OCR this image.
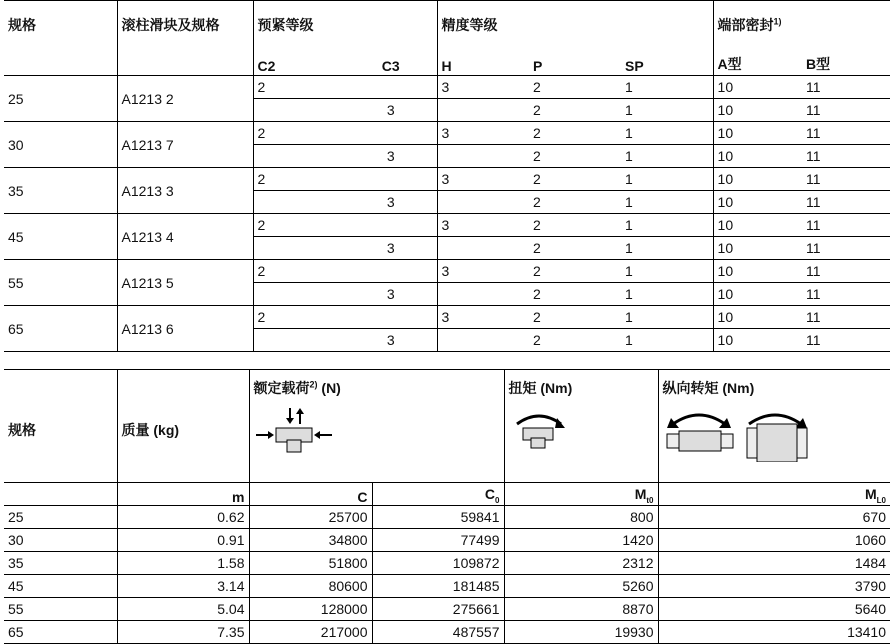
规格	滚柱滑块及规格	预紧等级		精度等级			端部密封$^{1)}$
		C2	C3	H	P	SP	A型	B型
25	A1213 2	2		3	2	1	10	11
			3		2	1	10	11
30	A1213 7	2		3	2	1	10	11
			3		2	1	10	11
35	A1213 3	2		3	2	1	10	11
			3		2	1	10	11
45	A1213 4	2		3	2	1	10	11
			3		2	1	10	11
55	A1213 5	2		3	2	1	10	11
			3		2	1	10	11
65	A1213 6	2		3	2	1	10	11
			3		2	1	10	11
规格	质量 (kg)	额定载荷$^{2)}$ (N)		扭矩 (Nm)	纵向转矩 (Nm)

	m	C	$C_0$	$M_{t0}$	$M_{L0}$
25	0.62	25700	59841	800	670
30	0.91	34800	77499	1420	1060
35	1.58	51800	109872	2312	1484
45	3.14	80600	181485	5260	3790
55	5.04	128000	275661	8870	5640
65	7.35	217000	487557	19930	13410
